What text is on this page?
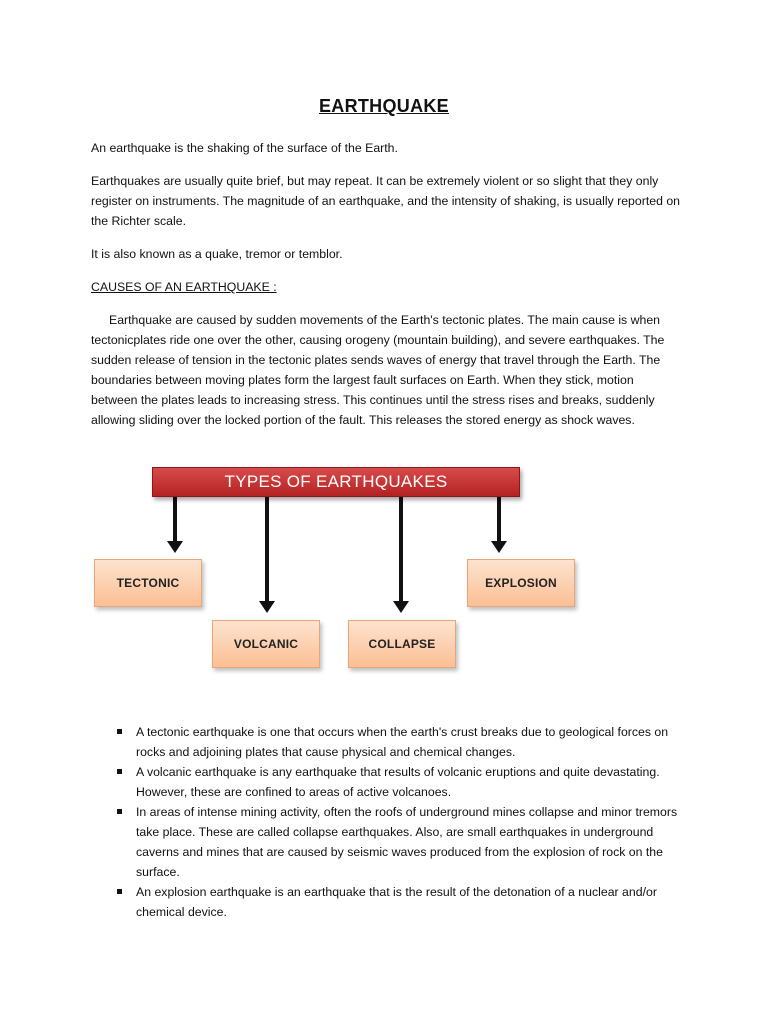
EARTHQUAKE

An earthquake is the shaking of the surface of the Earth.

Earthquakes are usually quite brief, but may repeat. It can be extremely violent or so slight that they only register on instruments. The magnitude of an earthquake, and the intensity of shaking, is usually reported on the Richter scale.

It is also known as a quake, tremor or temblor.

CAUSES OF AN EARTHQUAKE :

Earthquake are caused by sudden movements of the Earth's tectonic plates. The main cause is when tectonicplates ride one over the other, causing orogeny (mountain building), and severe earthquakes. The sudden release of tension in the tectonic plates sends waves of energy that travel through the Earth. The boundaries between moving plates form the largest fault surfaces on Earth. When they stick, motion between the plates leads to increasing stress. This continues until the stress rises and breaks, suddenly allowing sliding over the locked portion of the fault. This releases the stored energy as shock waves.

TYPES OF EARTHQUAKES
TECTONIC	EXPLOSION
VOLCANIC	COLLAPSE
A tectonic earthquake is one that occurs when the earth's crust breaks due to geological forces on rocks and adjoining plates that cause physical and chemical changes.
A volcanic earthquake is any earthquake that results of volcanic eruptions and quite devastating. However, these are confined to areas of active volcanoes.
In areas of intense mining activity, often the roofs of underground mines collapse and minor tremors take place. These are called collapse earthquakes. Also, are small earthquakes in underground caverns and mines that are caused by seismic waves produced from the explosion of rock on the surface.
An explosion earthquake is an earthquake that is the result of the detonation of a nuclear and/or chemical device.
